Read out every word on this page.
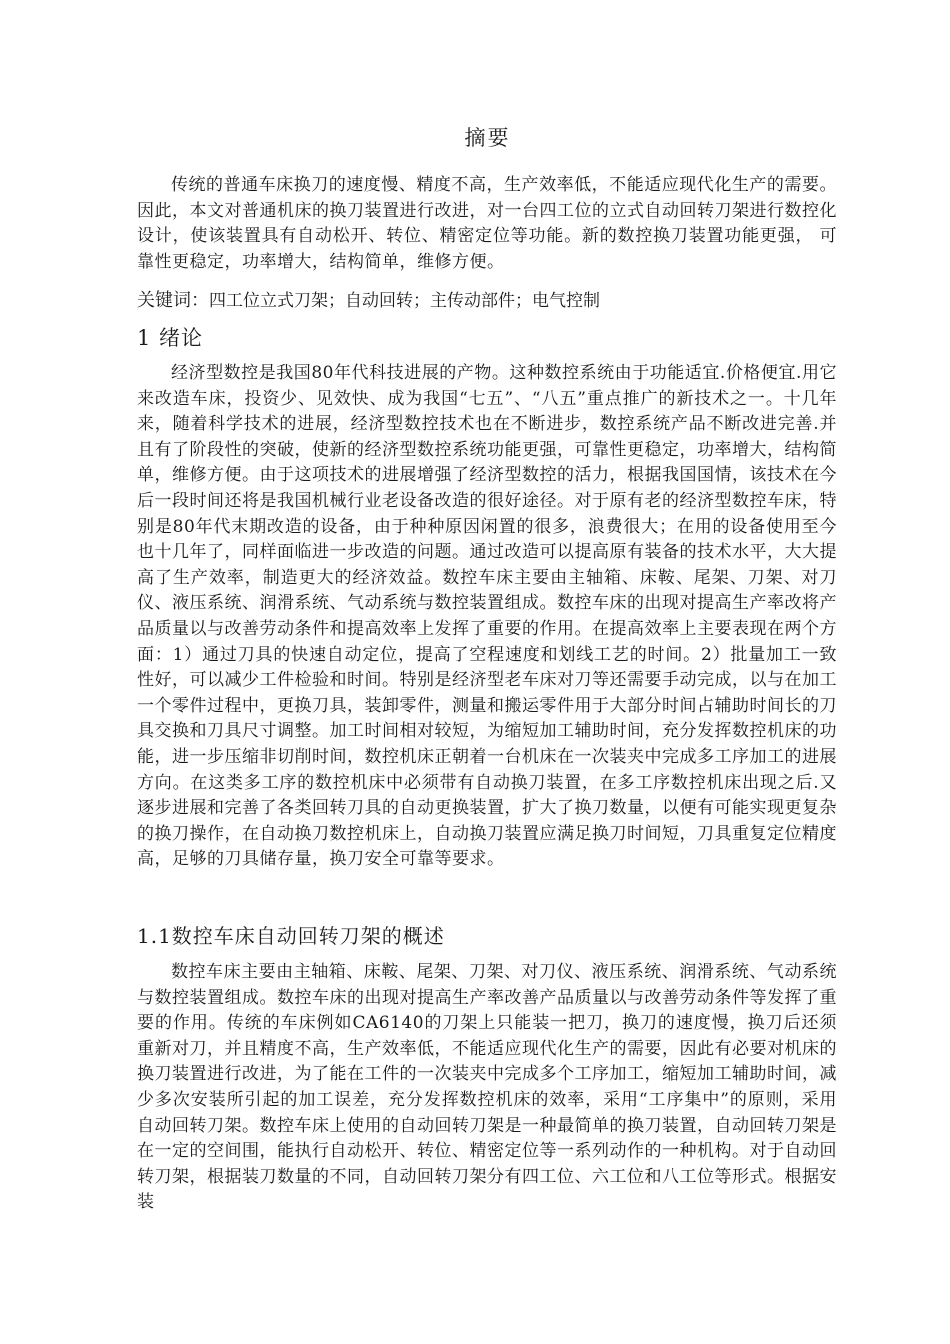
摘要

传统的普通车床换刀的速度慢、精度不高，生产效率低，不能适应现代化生产的需要。因此，本文对普通机床的换刀装置进行改进，对一台四工位的立式自动回转刀架进行数控化设计，使该装置具有自动松开、转位、精密定位等功能。新的数控换刀装置功能更强， 可靠性更稳定，功率增大，结构简单，维修方便。

关键词：四工位立式刀架；自动回转；主传动部件；电气控制
1 绪论

经济型数控是我国80年代科技进展的产物。这种数控系统由于功能适宜.价格便宜.用它来改造车床，投资少、见效快、成为我国“七五”、“八五”重点推广的新技术之一。十几年来，随着科学技术的进展，经济型数控技术也在不断进步，数控系统产品不断改进完善.并且有了阶段性的突破，使新的经济型数控系统功能更强，可靠性更稳定，功率增大，结构简单，维修方便。由于这项技术的进展增强了经济型数控的活力，根据我国国情，该技术在今后一段时间还将是我国机械行业老设备改造的很好途径。对于原有老的经济型数控车床，特别是80年代末期改造的设备，由于种种原因闲置的很多，浪费很大；在用的设备使用至今也十几年了，同样面临进一步改造的问题。通过改造可以提高原有装备的技术水平，大大提高了生产效率，制造更大的经济效益。数控车床主要由主轴箱、床鞍、尾架、刀架、对刀仪、液压系统、润滑系统、气动系统与数控装置组成。数控车床的出现对提高生产率改将产品质量以与改善劳动条件和提高效率上发挥了重要的作用。在提高效率上主要表现在两个方面：1）通过刀具的快速自动定位，提高了空程速度和划线工艺的时间。2）批量加工一致性好，可以减少工件检验和时间。特别是经济型老车床对刀等还需要手动完成，以与在加工一个零件过程中，更换刀具，装卸零件，测量和搬运零件用于大部分时间占辅助时间长的刀具交换和刀具尺寸调整。加工时间相对较短，为缩短加工辅助时间，充分发挥数控机床的功能，进一步压缩非切削时间，数控机床正朝着一台机床在一次装夹中完成多工序加工的进展方向。在这类多工序的数控机床中必须带有自动换刀装置，在多工序数控机床出现之后.又逐步进展和完善了各类回转刀具的自动更换装置，扩大了换刀数量，以便有可能实现更复杂的换刀操作，在自动换刀数控机床上，自动换刀装置应满足换刀时间短，刀具重复定位精度高，足够的刀具储存量，换刀安全可靠等要求。

1.1数控车床自动回转刀架的概述

数控车床主要由主轴箱、床鞍、尾架、刀架、对刀仪、液压系统、润滑系统、气动系统与数控装置组成。数控车床的出现对提高生产率改善产品质量以与改善劳动条件等发挥了重要的作用。传统的车床例如CA6140的刀架上只能装一把刀，换刀的速度慢，换刀后还须重新对刀，并且精度不高，生产效率低，不能适应现代化生产的需要，因此有必要对机床的换刀装置进行改进，为了能在工件的一次装夹中完成多个工序加工，缩短加工辅助时间，减少多次安装所引起的加工误差，充分发挥数控机床的效率，采用“工序集中”的原则，采用自动回转刀架。数控车床上使用的自动回转刀架是一种最简单的换刀装置，自动回转刀架是在一定的空间围，能执行自动松开、转位、精密定位等一系列动作的一种机构。对于自动回转刀架，根据装刀数量的不同，自动回转刀架分有四工位、六工位和八工位等形式。根据安装
